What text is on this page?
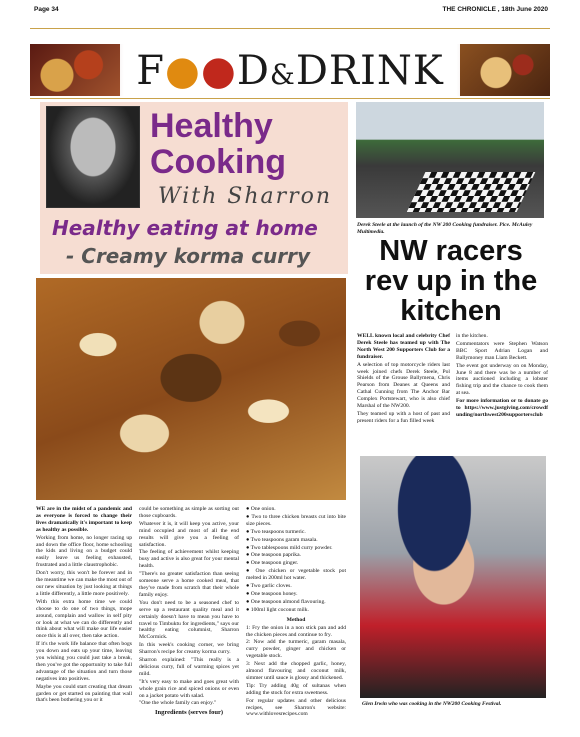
Page 34	THE CHRONICLE , 18th June 2020
F●●D&DRINK
Healthy
Cooking
With Sharron
Healthy eating at home
- Creamy korma curry

WE are in the midst of a pandemic and as everyone is forced to change their lives dramatically it's important to keep as healthy as possible.

Working from home, no longer racing up and down the office floor, home schooling the kids and living on a budget could easily leave us feeling exhausted, frustrated and a little claustrophobic.

Don't worry, this won't be forever and in the meantime we can make the most out of our new situation by just looking at things a little differently, a little more positively.

With this extra home time we could choose to do one of two things, mope around, complain and wallow in self pity or look at what we can do differently and think about what will make our life easier once this is all over, then take action.

If it's the work life balance that often bogs you down and eats up your time, leaving you wishing you could just take a break, then you've got the opportunity to take full advantage of the situation and turn those negatives into positives.

Maybe you could start creating that dream garden or get started on painting that wall that's been bothering you or it

could be something as simple as sorting out those cupboards.

Whatever it is, it will keep you active, your mind occupied and most of all the end results will give you a feeling of satisfaction.

The feeling of achievement whilst keeping busy and active is also great for your mental health.

"There's no greater satisfaction than seeing someone serve a home cooked meal, that they've made from scratch that their whole family enjoy.

You don't need to be a seasoned chef to serve up a restaurant quality meal and it certainly doesn't have to mean you have to travel to Timbuktu for ingredients," says our healthy eating columnist, Sharron McCormick.

In this week's cooking corner, we bring Sharron's recipe for creamy korma curry.

Sharron explained: "This really is a delicious curry, full of warming spices yet mild.

"It's very easy to make and goes great with whole grain rice and spiced onions or even on a jacket potato with salad.

"One the whole family can enjoy."

Ingredients (serves four)

● One onion.

● Two to three chicken breasts cut into bite size pieces.

● Two teaspoons turmeric.

● Two teaspoons garam masala.

● Two tablespoons mild curry powder.

● One teaspoon paprika.

● One teaspoon ginger.

● One chicken or vegetable stock pot melted in 200ml hot water.

● Two garlic cloves.

● One teaspoon honey.

● One teaspoon almond flavouring.

● 100ml light coconut milk.

Method

1: Fry the onion in a non stick pan and add the chicken pieces and continue to fry.

2: Now add the turmeric, garam masala, curry powder, ginger and chicken or vegetable stock.

3: Next add the chopped garlic, honey, almond flavouring and coconut milk, simmer until sauce is glossy and thickened.

Tip: Try adding 40g of sultanas when adding the stock for extra sweetness.

For regular updates and other delicious recipes, see Sharron's website: www.withlovesrecipes.com

Derek Steele at the launch of the NW 200 Cooking fundraiser. Pice. McAuley Multimedia.
NW racers rev up in the kitchen

WELL known local and celebrity Chef Derek Steele has teamed up with The North West 200 Supporters Club for a fundraiser.

A selection of top motorcycle riders last week joined chefs Derek Steele, Pol Shields of the Grouse Ballymena, Chris Pearson from Deanes at Queens and Cathal Cunning from The Anchor Bar Complex Portstewart, who is also chief Marshal of the NW200.

They teamed up with a host of past and present riders for a fun filled week

in the kitchen.

Commentators were Stephen Watson BBC Sport Adrian Logan and Ballymoney man Liam Beckett.

The event got underway on on Monday, June 8 and there was be a number of items auctioned including a lobster fishing trip and the chance to cook them at sea.

For more information or to donate go to https://www.justgiving.com/crowdfunding/northwest200supportersclub

Glen Irwin who was cooking in the NW200 Cooking Festival.
